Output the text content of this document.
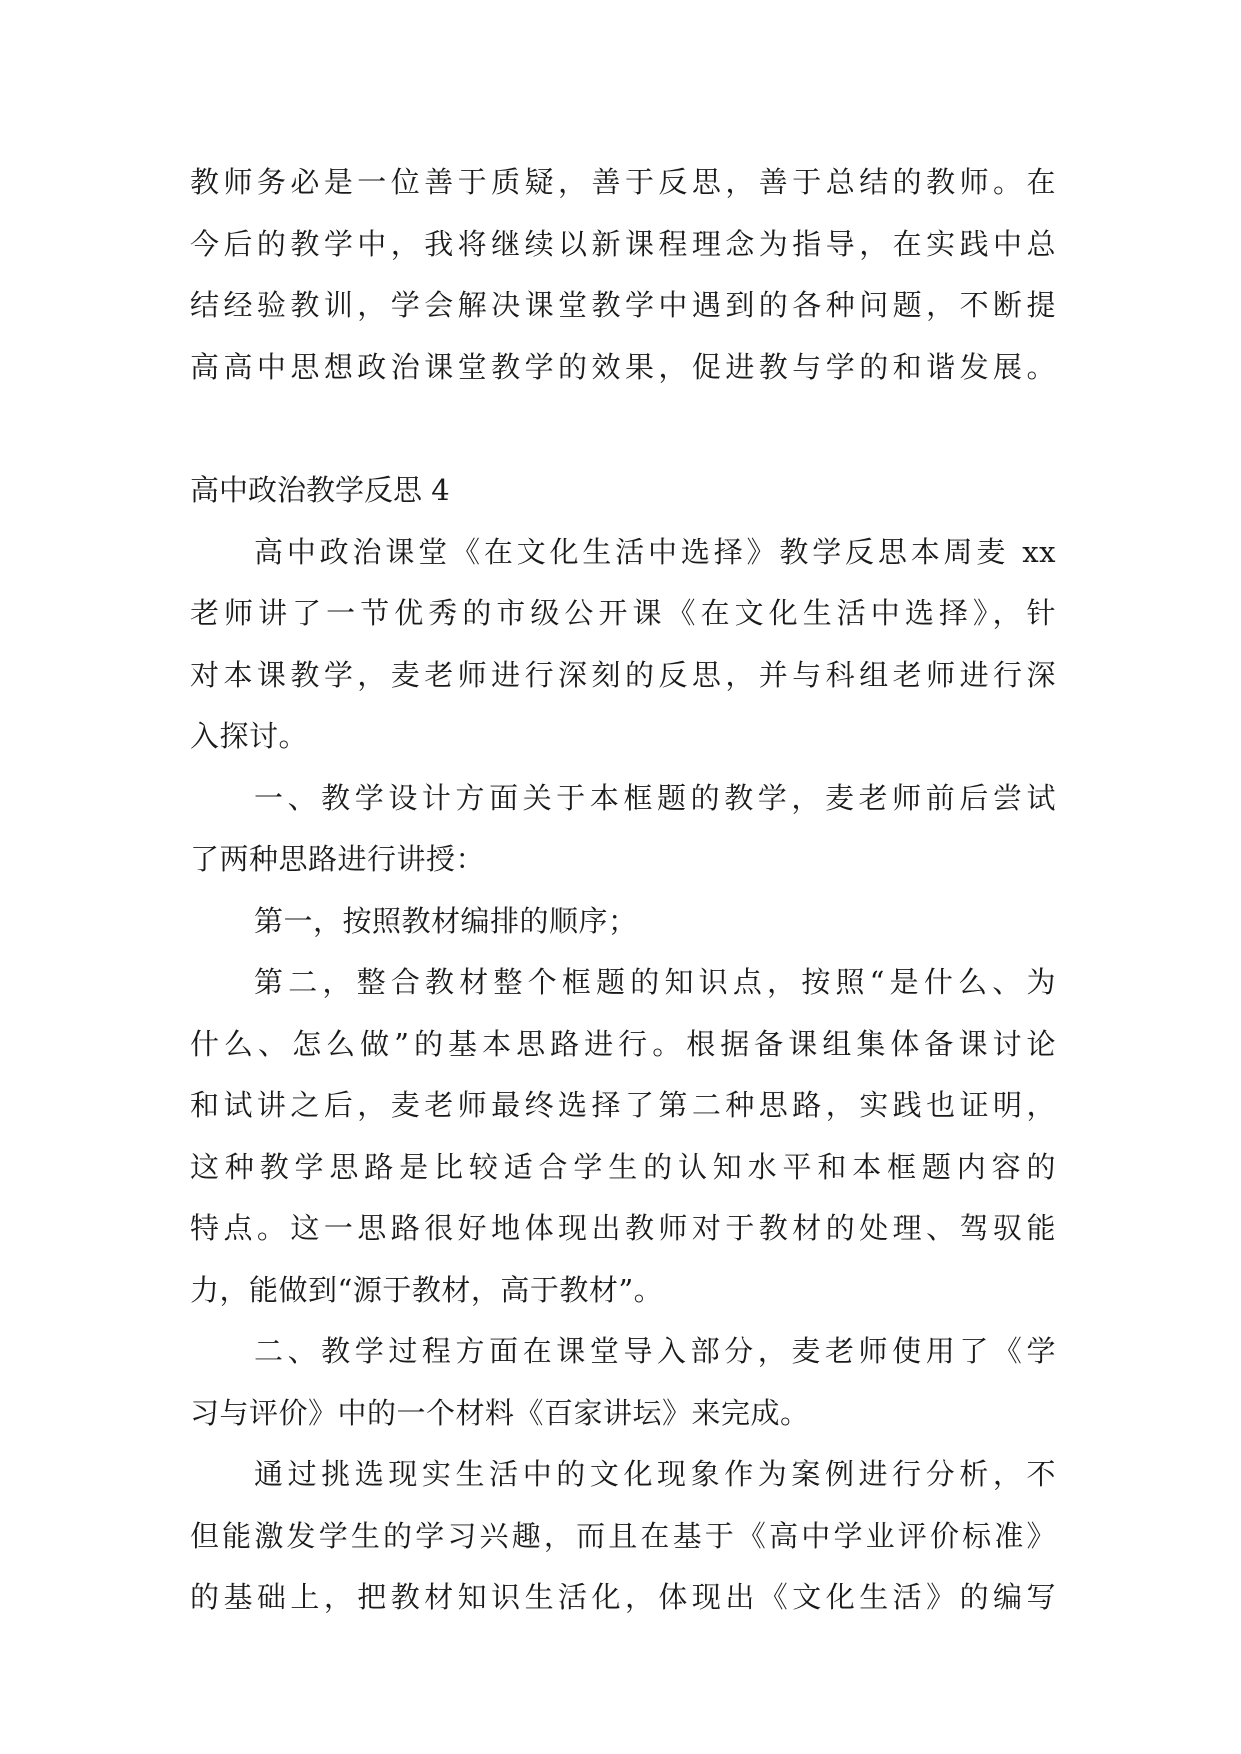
教师务必是一位善于质疑，善于反思，善于总结的教师。在
今后的教学中，我将继续以新课程理念为指导，在实践中总
结经验教训，学会解决课堂教学中遇到的各种问题，不断提
高高中思想政治课堂教学的效果，促进教与学的和谐发展。
高中政治教学反思 4
高中政治课堂《在文化生活中选择》教学反思本周麦 xx
老师讲了一节优秀的市级公开课《在文化生活中选择》，针
对本课教学，麦老师进行深刻的反思，并与科组老师进行深
入探讨。
一、教学设计方面关于本框题的教学，麦老师前后尝试
了两种思路进行讲授：
第一，按照教材编排的顺序；
第二，整合教材整个框题的知识点，按照“是什么、为
什么、怎么做”的基本思路进行。根据备课组集体备课讨论
和试讲之后，麦老师最终选择了第二种思路，实践也证明，
这种教学思路是比较适合学生的认知水平和本框题内容的
特点。这一思路很好地体现出教师对于教材的处理、驾驭能
力，能做到“源于教材，高于教材”。
二、教学过程方面在课堂导入部分，麦老师使用了《学
习与评价》中的一个材料《百家讲坛》来完成。
通过挑选现实生活中的文化现象作为案例进行分析，不
但能激发学生的学习兴趣，而且在基于《高中学业评价标准》
的基础上，把教材知识生活化，体现出《文化生活》的编写
